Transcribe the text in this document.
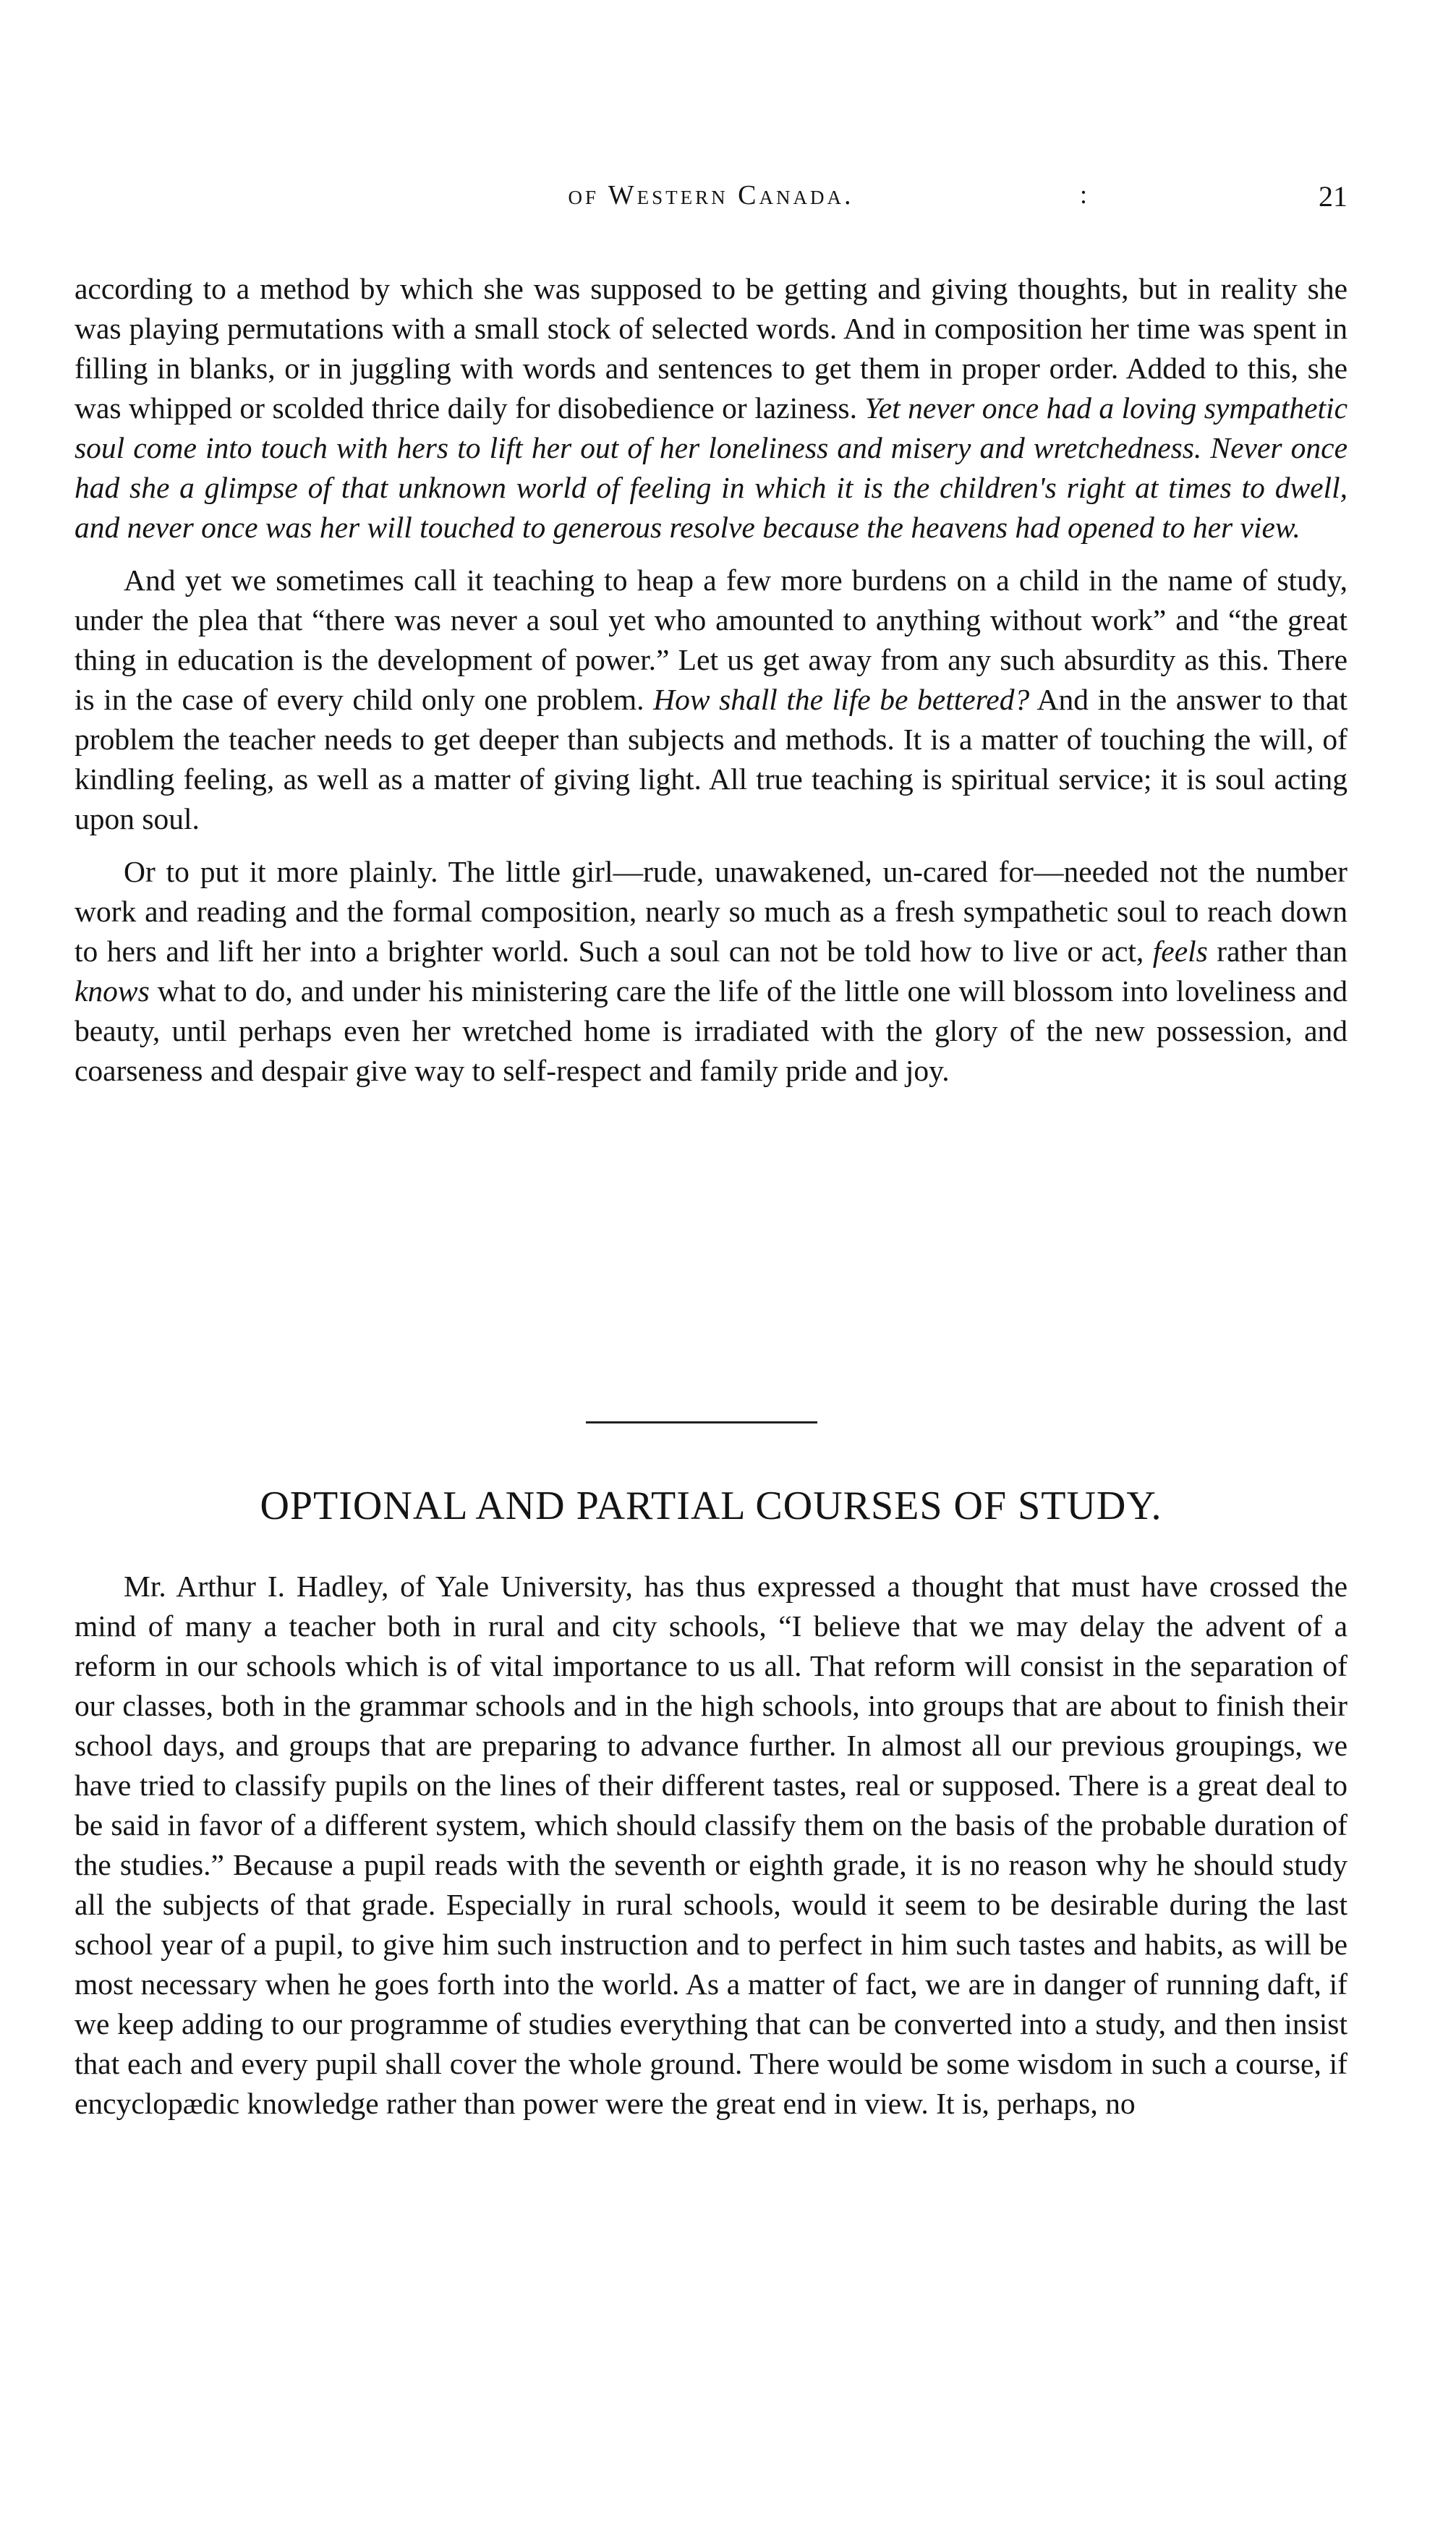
of Western Canada.	:	21

according to a method by which she was supposed to be getting and giving thoughts, but in reality she was playing permutations with a small stock of selected words. And in composition her time was spent in filling in blanks, or in juggling with words and sentences to get them in proper order. Added to this, she was whipped or scolded thrice daily for disobedience or laziness. Yet never once had a loving sympathetic soul come into touch with hers to lift her out of her loneliness and misery and wretchedness. Never once had she a glimpse of that unknown world of feeling in which it is the children's right at times to dwell, and never once was her will touched to generous resolve because the heavens had opened to her view.

And yet we sometimes call it teaching to heap a few more burdens on a child in the name of study, under the plea that “there was never a soul yet who amounted to anything without work” and “the great thing in education is the development of power.” Let us get away from any such absurdity as this. There is in the case of every child only one problem. How shall the life be bettered? And in the answer to that problem the teacher needs to get deeper than subjects and methods. It is a matter of touching the will, of kindling feeling, as well as a matter of giving light. All true teaching is spiritual service; it is soul acting upon soul.

Or to put it more plainly. The little girl—rude, unawakened, un-cared for—needed not the number work and reading and the formal composition, nearly so much as a fresh sympathetic soul to reach down to hers and lift her into a brighter world. Such a soul can not be told how to live or act, feels rather than knows what to do, and under his ministering care the life of the little one will blossom into loveliness and beauty, until perhaps even her wretched home is irradiated with the glory of the new possession, and coarseness and despair give way to self-respect and family pride and joy.

OPTIONAL AND PARTIAL COURSES OF STUDY.

Mr. Arthur I. Hadley, of Yale University, has thus expressed a thought that must have crossed the mind of many a teacher both in rural and city schools, “I believe that we may delay the advent of a reform in our schools which is of vital importance to us all. That reform will consist in the separation of our classes, both in the grammar schools and in the high schools, into groups that are about to finish their school days, and groups that are preparing to advance further. In almost all our previous groupings, we have tried to classify pupils on the lines of their different tastes, real or supposed. There is a great deal to be said in favor of a different system, which should classify them on the basis of the probable duration of the studies.” Because a pupil reads with the seventh or eighth grade, it is no reason why he should study all the subjects of that grade. Especially in rural schools, would it seem to be desirable during the last school year of a pupil, to give him such instruction and to perfect in him such tastes and habits, as will be most necessary when he goes forth into the world. As a matter of fact, we are in danger of running daft, if we keep adding to our programme of studies everything that can be converted into a study, and then insist that each and every pupil shall cover the whole ground. There would be some wisdom in such a course, if encyclopædic knowledge rather than power were the great end in view. It is, perhaps, no
